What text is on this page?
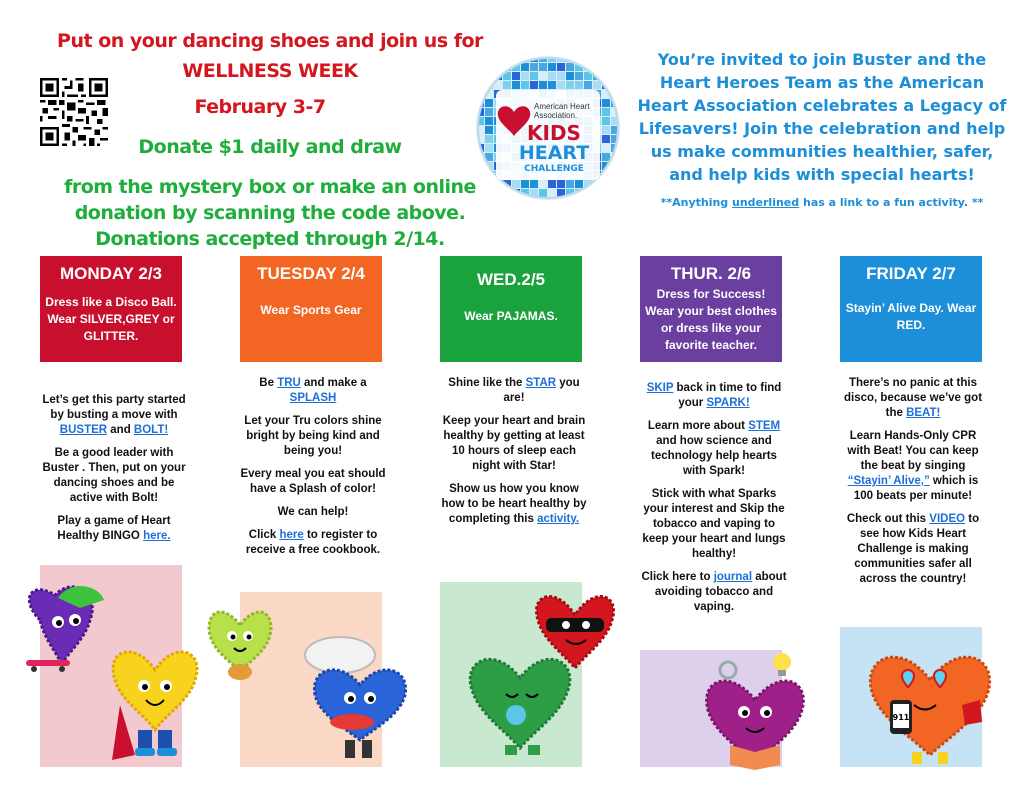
Put on your dancing shoes and join us for
WELLNESS WEEK
February 3-7
Donate $1 daily and draw
from the mystery box or make an online
donation by scanning the code above.
Donations accepted through 2/14.
American Heart
Association.
KIDS
HEART
CHALLENGE
You’re invited to join Buster and the Heart Heroes Team as the American Heart Association celebrates a Legacy of Lifesavers! Join the celebration and help us make communities healthier, safer, and help kids with special hearts!
**Anything underlined has a link to a fun activity. **
MONDAY 2/3
Dress like a Disco Ball. Wear SILVER,GREY or GLITTER.
TUESDAY 2/4
Wear Sports Gear
WED.2/5
Wear PAJAMAS.
THUR. 2/6
Dress for Success! Wear your best clothes or dress like your favorite teacher.
FRIDAY 2/7
Stayin’ Alive Day. Wear RED.

Let’s get this party started by busting a move with BUSTER and BOLT!

Be a good leader with Buster . Then, put on your dancing shoes and be active with Bolt!

Play a game of Heart Healthy BINGO here.

Be TRU and make a SPLASH

Let your Tru colors shine bright by being kind and being you!

Every meal you eat should have a Splash of color!

We can help!

Click here to register to receive a free cookbook.

Shine like the STAR you are!

Keep your heart and brain healthy by getting at least 10 hours of sleep each night with Star!

Show us how you know how to be heart healthy by completing this activity.

SKIP back in time to find your SPARK!

Learn more about STEM and how science and technology help hearts with Spark!

Stick with what Sparks your interest and Skip the tobacco and vaping to keep your heart and lungs healthy!

Click here to journal about avoiding tobacco and vaping.

There’s no panic at this disco, because we’ve got the BEAT!

Learn Hands-Only CPR with Beat! You can keep the beat by singing “Stayin’ Alive,” which is 100 beats per minute!

Check out this VIDEO to see how Kids Heart Challenge is making communities safer all across the country!

911
